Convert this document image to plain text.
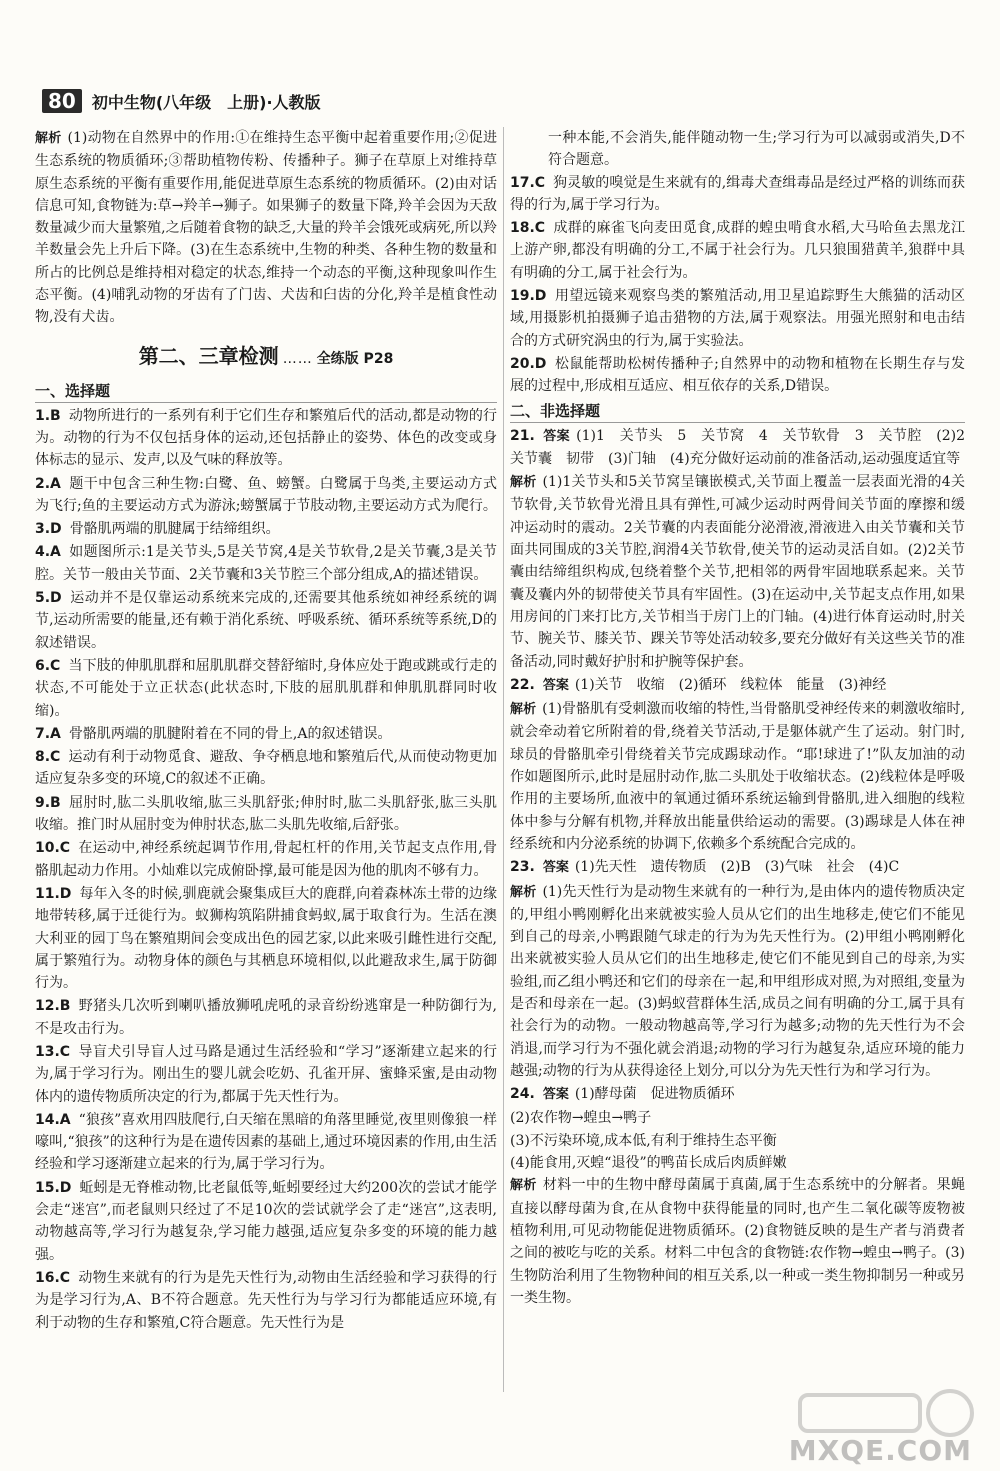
80	初中生物(八年级　上册)·人教版

解析 (1)动物在自然界中的作用:①在维持生态平衡中起着重要作用;②促进生态系统的物质循环;③帮助植物传粉、传播种子。狮子在草原上对维持草原生态系统的平衡有重要作用,能促进草原生态系统的物质循环。(2)由对话信息可知,食物链为:草→羚羊→狮子。如果狮子的数量下降,羚羊会因为天敌数量减少而大量繁殖,之后随着食物的缺乏,大量的羚羊会饿死或病死,所以羚羊数量会先上升后下降。(3)在生态系统中,生物的种类、各种生物的数量和所占的比例总是维持相对稳定的状态,维持一个动态的平衡,这种现象叫作生态平衡。(4)哺乳动物的牙齿有了门齿、犬齿和臼齿的分化,羚羊是植食性动物,没有犬齿。

第二、三章检测 …… 全练版 P28
一、选择题

1.B 动物所进行的一系列有利于它们生存和繁殖后代的活动,都是动物的行为。动物的行为不仅包括身体的运动,还包括静止的姿势、体色的改变或身体标志的显示、发声,以及气味的释放等。

2.A 题干中包含三种生物:白鹭、鱼、螃蟹。白鹭属于鸟类,主要运动方式为飞行;鱼的主要运动方式为游泳;螃蟹属于节肢动物,主要运动方式为爬行。

3.D 骨骼肌两端的肌腱属于结缔组织。

4.A 如题图所示:1是关节头,5是关节窝,4是关节软骨,2是关节囊,3是关节腔。关节一般由关节面、2关节囊和3关节腔三个部分组成,A的描述错误。

5.D 运动并不是仅靠运动系统来完成的,还需要其他系统如神经系统的调节,运动所需要的能量,还有赖于消化系统、呼吸系统、循环系统等系统,D的叙述错误。

6.C 当下肢的伸肌肌群和屈肌肌群交替舒缩时,身体应处于跑或跳或行走的状态,不可能处于立正状态(此状态时,下肢的屈肌肌群和伸肌肌群同时收缩)。

7.A 骨骼肌两端的肌腱附着在不同的骨上,A的叙述错误。

8.C 运动有利于动物觅食、避敌、争夺栖息地和繁殖后代,从而使动物更加适应复杂多变的环境,C的叙述不正确。

9.B 屈肘时,肱二头肌收缩,肱三头肌舒张;伸肘时,肱二头肌舒张,肱三头肌收缩。推门时从屈肘变为伸肘状态,肱二头肌先收缩,后舒张。

10.C 在运动中,神经系统起调节作用,骨起杠杆的作用,关节起支点作用,骨骼肌起动力作用。小灿难以完成俯卧撑,最可能是因为他的肌肉不够有力。

11.D 每年入冬的时候,驯鹿就会聚集成巨大的鹿群,向着森林冻土带的边缘地带转移,属于迁徙行为。蚁狮构筑陷阱捕食蚂蚁,属于取食行为。生活在澳大利亚的园丁鸟在繁殖期间会变成出色的园艺家,以此来吸引雌性进行交配,属于繁殖行为。动物身体的颜色与其栖息环境相似,以此避敌求生,属于防御行为。

12.B 野猪头几次听到喇叭播放狮吼虎吼的录音纷纷逃窜是一种防御行为,不是攻击行为。

13.C 导盲犬引导盲人过马路是通过生活经验和“学习”逐渐建立起来的行为,属于学习行为。刚出生的婴儿就会吃奶、孔雀开屏、蜜蜂采蜜,是由动物体内的遗传物质所决定的行为,都属于先天性行为。

14.A “狼孩”喜欢用四肢爬行,白天缩在黑暗的角落里睡觉,夜里则像狼一样嚎叫,“狼孩”的这种行为是在遗传因素的基础上,通过环境因素的作用,由生活经验和学习逐渐建立起来的行为,属于学习行为。

15.D 蚯蚓是无脊椎动物,比老鼠低等,蚯蚓要经过大约200次的尝试才能学会走“迷宫”,而老鼠则只经过了不足10次的尝试就学会了走“迷宫”,这表明,动物越高等,学习行为越复杂,学习能力越强,适应复杂多变的环境的能力越强。

16.C 动物生来就有的行为是先天性行为,动物由生活经验和学习获得的行为是学习行为,A、B不符合题意。先天性行为与学习行为都能适应环境,有利于动物的生存和繁殖,C符合题意。先天性行为是

一种本能,不会消失,能伴随动物一生;学习行为可以减弱或消失,D不符合题意。

17.C 狗灵敏的嗅觉是生来就有的,缉毒犬查缉毒品是经过严格的训练而获得的行为,属于学习行为。

18.C 成群的麻雀飞向麦田觅食,成群的蝗虫啃食水稻,大马哈鱼去黑龙江上游产卵,都没有明确的分工,不属于社会行为。几只狼围猎黄羊,狼群中具有明确的分工,属于社会行为。

19.D 用望远镜来观察鸟类的繁殖活动,用卫星追踪野生大熊猫的活动区域,用摄影机拍摄狮子追击猎物的方法,属于观察法。用强光照射和电击结合的方式研究涡虫的行为,属于实验法。

20.D 松鼠能帮助松树传播种子;自然界中的动物和植物在长期生存与发展的过程中,形成相互适应、相互依存的关系,D错误。

二、非选择题

21. 答案 (1)1　关节头　5　关节窝　4　关节软骨　3　关节腔　(2)2　关节囊　韧带　(3)门轴　(4)充分做好运动前的准备活动,运动强度适宜等

解析 (1)1关节头和5关节窝呈镶嵌模式,关节面上覆盖一层表面光滑的4关节软骨,关节软骨光滑且具有弹性,可减少运动时两骨间关节面的摩擦和缓冲运动时的震动。2关节囊的内表面能分泌滑液,滑液进入由关节囊和关节面共同围成的3关节腔,润滑4关节软骨,使关节的运动灵活自如。(2)2关节囊由结缔组织构成,包绕着整个关节,把相邻的两骨牢固地联系起来。关节囊及囊内外的韧带使关节具有牢固性。(3)在运动中,关节起支点作用,如果用房间的门来打比方,关节相当于房门上的门轴。(4)进行体育运动时,肘关节、腕关节、膝关节、踝关节等处活动较多,要充分做好有关这些关节的准备活动,同时戴好护肘和护腕等保护套。

22. 答案 (1)关节　收缩　(2)循环　线粒体　能量　(3)神经

解析 (1)骨骼肌有受刺激而收缩的特性,当骨骼肌受神经传来的刺激收缩时,就会牵动着它所附着的骨,绕着关节活动,于是躯体就产生了运动。射门时,球员的骨骼肌牵引骨绕着关节完成踢球动作。“耶!球进了!”队友加油的动作如题图所示,此时是屈肘动作,肱二头肌处于收缩状态。(2)线粒体是呼吸作用的主要场所,血液中的氧通过循环系统运输到骨骼肌,进入细胞的线粒体中参与分解有机物,并释放出能量供给运动的需要。(3)踢球是人体在神经系统和内分泌系统的协调下,依赖多个系统配合完成的。

23. 答案 (1)先天性　遗传物质　(2)B　(3)气味　社会　(4)C

解析 (1)先天性行为是动物生来就有的一种行为,是由体内的遗传物质决定的,甲组小鸭刚孵化出来就被实验人员从它们的出生地移走,使它们不能见到自己的母亲,小鸭跟随气球走的行为为先天性行为。(2)甲组小鸭刚孵化出来就被实验人员从它们的出生地移走,使它们不能见到自己的母亲,为实验组,而乙组小鸭还和它们的母亲在一起,和甲组形成对照,为对照组,变量为是否和母亲在一起。(3)蚂蚁营群体生活,成员之间有明确的分工,属于具有社会行为的动物。一般动物越高等,学习行为越多;动物的先天性行为不会消退,而学习行为不强化就会消退;动物的学习行为越复杂,适应环境的能力越强;动物的行为从获得途径上划分,可以分为先天性行为和学习行为。

24. 答案 (1)酵母菌　促进物质循环

(2)农作物→蝗虫→鸭子

(3)不污染环境,成本低,有利于维持生态平衡

(4)能食用,灭蝗“退役”的鸭苗长成后肉质鲜嫩

解析 材料一中的生物中酵母菌属于真菌,属于生态系统中的分解者。果蝇直接以酵母菌为食,在从食物中获得能量的同时,也产生二氧化碳等废物被植物利用,可见动物能促进物质循环。(2)食物链反映的是生产者与消费者之间的被吃与吃的关系。材料二中包含的食物链:农作物→蝗虫→鸭子。(3)生物防治利用了生物物种间的相互关系,以一种或一类生物抑制另一种或另一类生物。

MXQE.COM
